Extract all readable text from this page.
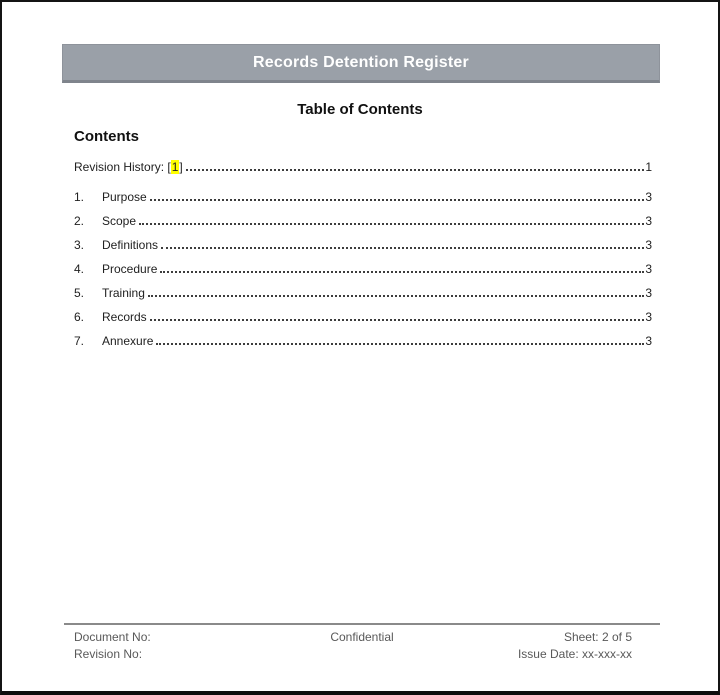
Records Detention Register
Table of Contents
Contents
Revision History: [ 1 ]	1
1.	Purpose	3
2.	Scope	3
3.	Definitions	3
4.	Procedure	3
5.	Training	3
6.	Records	3
7.	Annexure	3
Document No:
Revision No:
Confidential	Sheet: 2 of 5
Issue Date: xx-xxx-xx
